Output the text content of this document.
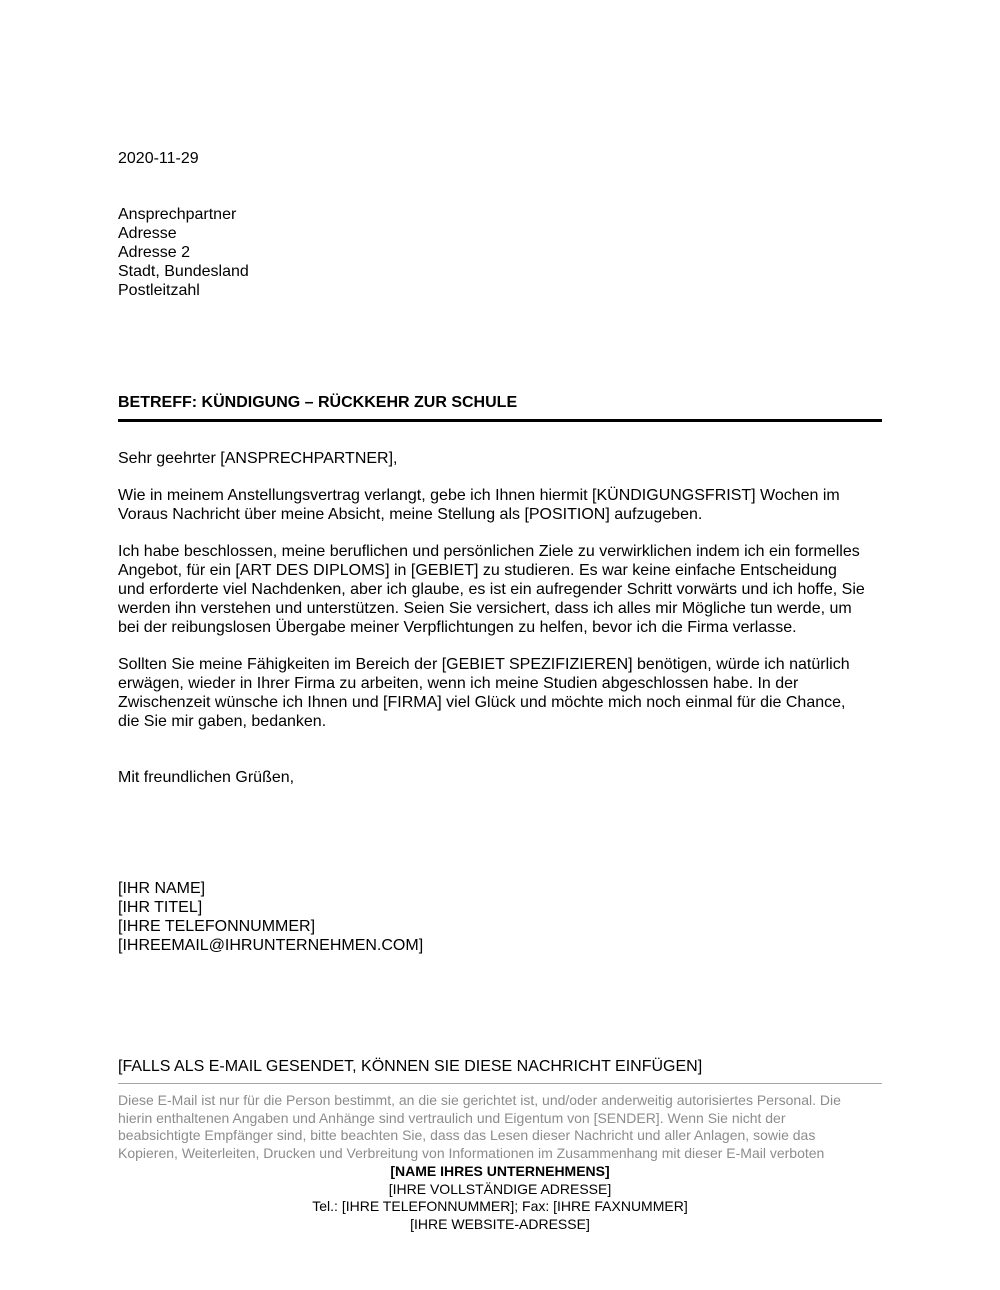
2020-11-29
Ansprechpartner
Adresse
Adresse 2
Stadt, Bundesland
Postleitzahl
BETREFF: KÜNDIGUNG – RÜCKKEHR ZUR SCHULE
Sehr geehrter [ANSPRECHPARTNER],
Wie in meinem Anstellungsvertrag verlangt, gebe ich Ihnen hiermit [KÜNDIGUNGSFRIST] Wochen im
Voraus Nachricht über meine Absicht, meine Stellung als [POSITION] aufzugeben.
Ich habe beschlossen, meine beruflichen und persönlichen Ziele zu verwirklichen indem ich ein formelles
Angebot, für ein [ART DES DIPLOMS] in [GEBIET] zu studieren. Es war keine einfache Entscheidung
und erforderte viel Nachdenken, aber ich glaube, es ist ein aufregender Schritt vorwärts und ich hoffe, Sie
werden ihn verstehen und unterstützen. Seien Sie versichert, dass ich alles mir Mögliche tun werde, um
bei der reibungslosen Übergabe meiner Verpflichtungen zu helfen, bevor ich die Firma verlasse.
Sollten Sie meine Fähigkeiten im Bereich der [GEBIET SPEZIFIZIEREN] benötigen, würde ich natürlich
erwägen, wieder in Ihrer Firma zu arbeiten, wenn ich meine Studien abgeschlossen habe. In der
Zwischenzeit wünsche ich Ihnen und [FIRMA] viel Glück und möchte mich noch einmal für die Chance,
die Sie mir gaben, bedanken.
Mit freundlichen Grüßen,
[IHR NAME]
[IHR TITEL]
[IHRE TELEFONNUMMER]
[IHREEMAIL@IHRUNTERNEHMEN.COM]
[FALLS ALS E-MAIL GESENDET, KÖNNEN SIE DIESE NACHRICHT EINFÜGEN]
Diese E-Mail ist nur für die Person bestimmt, an die sie gerichtet ist, und/oder anderweitig autorisiertes Personal. Die
hierin enthaltenen Angaben und Anhänge sind vertraulich und Eigentum von [SENDER]. Wenn Sie nicht der
beabsichtigte Empfänger sind, bitte beachten Sie, dass das Lesen dieser Nachricht und aller Anlagen, sowie das
Kopieren, Weiterleiten, Drucken und Verbreitung von Informationen im Zusammenhang mit dieser E-Mail verboten
[NAME IHRES UNTERNEHMENS]
[IHRE VOLLSTÄNDIGE ADRESSE]
Tel.: [IHRE TELEFONNUMMER]; Fax: [IHRE FAXNUMMER]
[IHRE WEBSITE-ADRESSE]
